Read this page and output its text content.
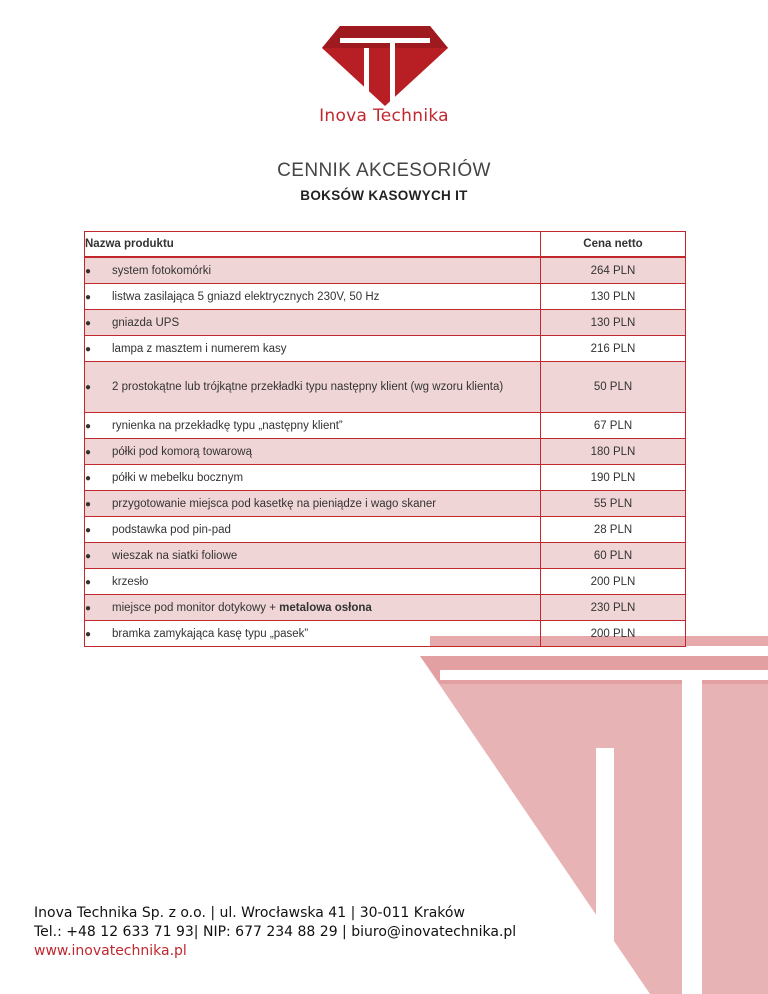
Inova Technika
CENNIK AKCESORIÓW
BOKSÓW KASOWYCH IT
Nazwa produktu	Cena netto
● system fotokomórki	264 PLN
● listwa zasilająca 5 gniazd elektrycznych 230V, 50 Hz	130 PLN
● gniazda UPS	130 PLN
● lampa z masztem i numerem kasy	216 PLN
● 2 prostokątne lub trójkątne przekładki typu następny klient (wg wzoru klienta)	50 PLN
● rynienka na przekładkę typu „następny klient”	67 PLN
● półki pod komorą towarową	180 PLN
● półki w mebelku bocznym	190 PLN
● przygotowanie miejsca pod kasetkę na pieniądze i wago skaner	55 PLN
● podstawka pod pin-pad	28 PLN
● wieszak na siatki foliowe	60 PLN
● krzesło	200 PLN
● miejsce pod monitor dotykowy + metalowa osłona	230 PLN
● bramka zamykająca kasę typu „pasek”	200 PLN
Inova Technika Sp. z o.o. | ul. Wrocławska 41 | 30-011 Kraków
Tel.: +48 12 633 71 93| NIP: 677 234 88 29 | biuro@inovatechnika.pl
www.inovatechnika.pl
